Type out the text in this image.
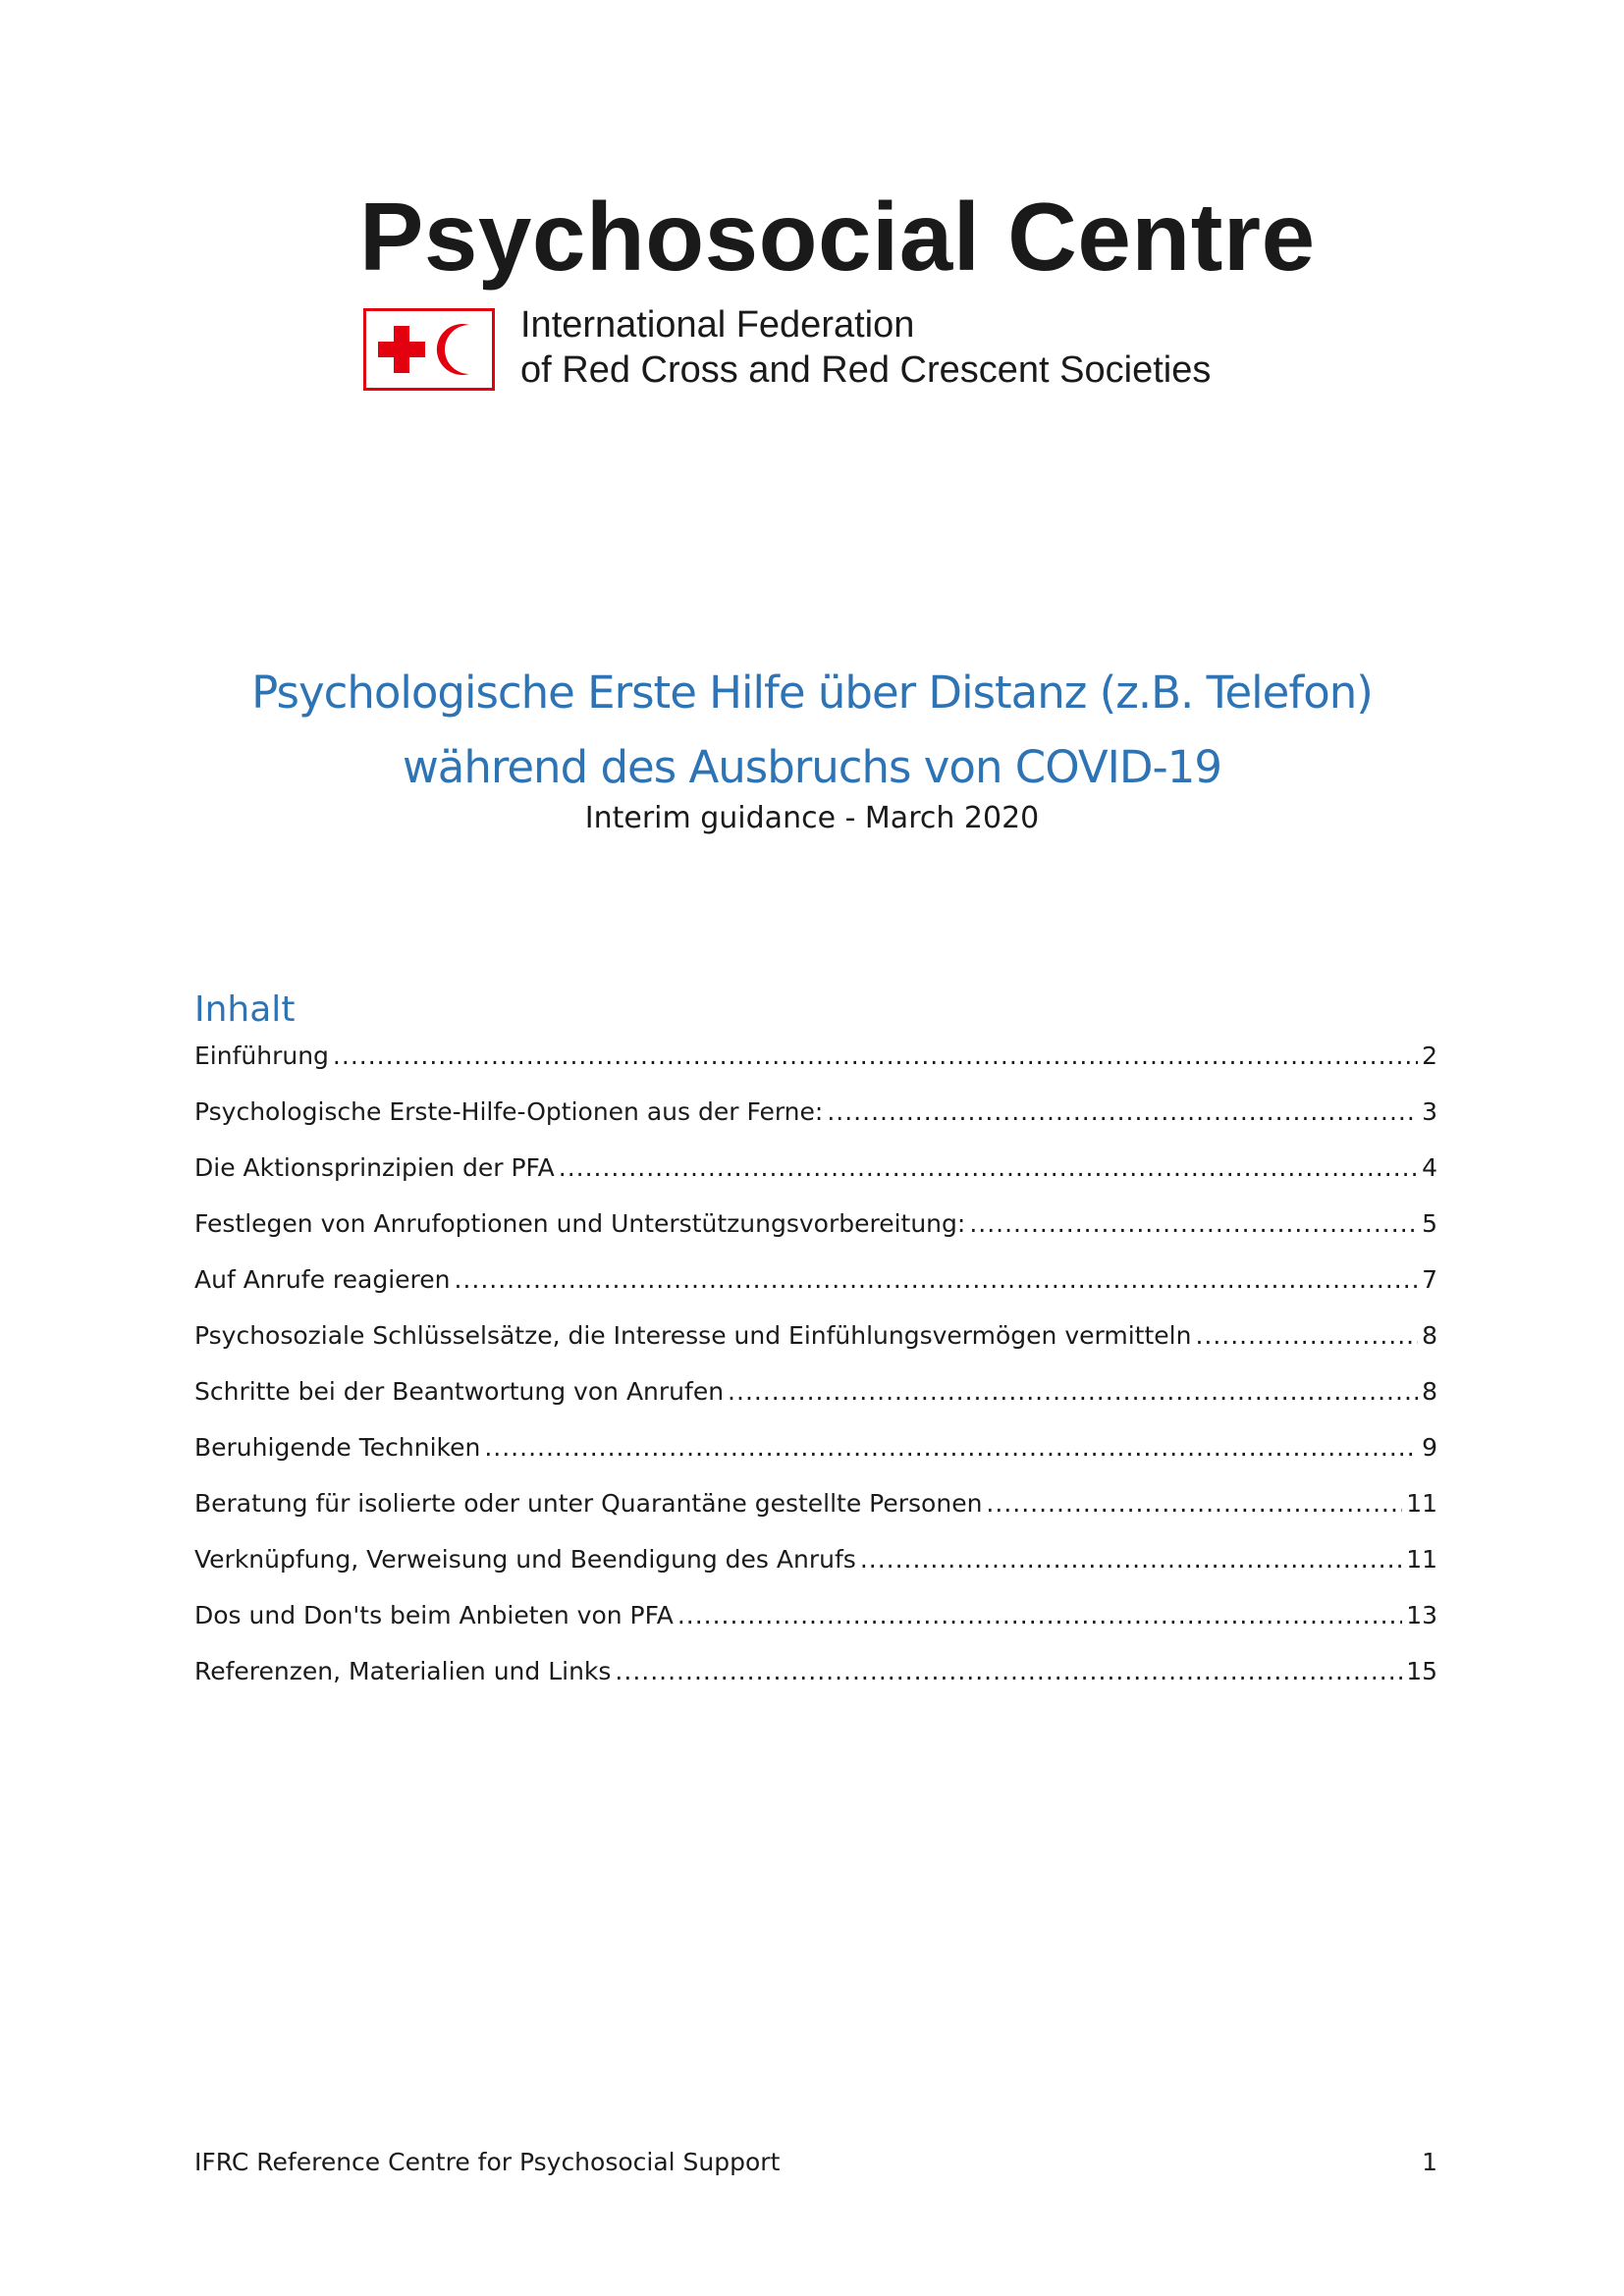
Psychosocial Centre
International Federation
of Red Cross and Red Crescent Societies
Psychologische Erste Hilfe über Distanz (z.B. Telefon)
während des Ausbruchs von COVID-19
Interim guidance - March 2020
Inhalt
Einführung .....	2
Psychologische Erste-Hilfe-Optionen aus der Ferne: .....	3
Die Aktionsprinzipien der PFA .....	4
Festlegen von Anrufoptionen und Unterstützungsvorbereitung: .....	5
Auf Anrufe reagieren .....	7
Psychosoziale Schlüsselsätze, die Interesse und Einfühlungsvermögen vermitteln .....	8
Schritte bei der Beantwortung von Anrufen .....	8
Beruhigende Techniken .....	9
Beratung für isolierte oder unter Quarantäne gestellte Personen .....	11
Verknüpfung, Verweisung und Beendigung des Anrufs .....	11
Dos und Don'ts beim Anbieten von PFA .....	13
Referenzen, Materialien und Links .....	15
IFRC Reference Centre for Psychosocial Support	1
